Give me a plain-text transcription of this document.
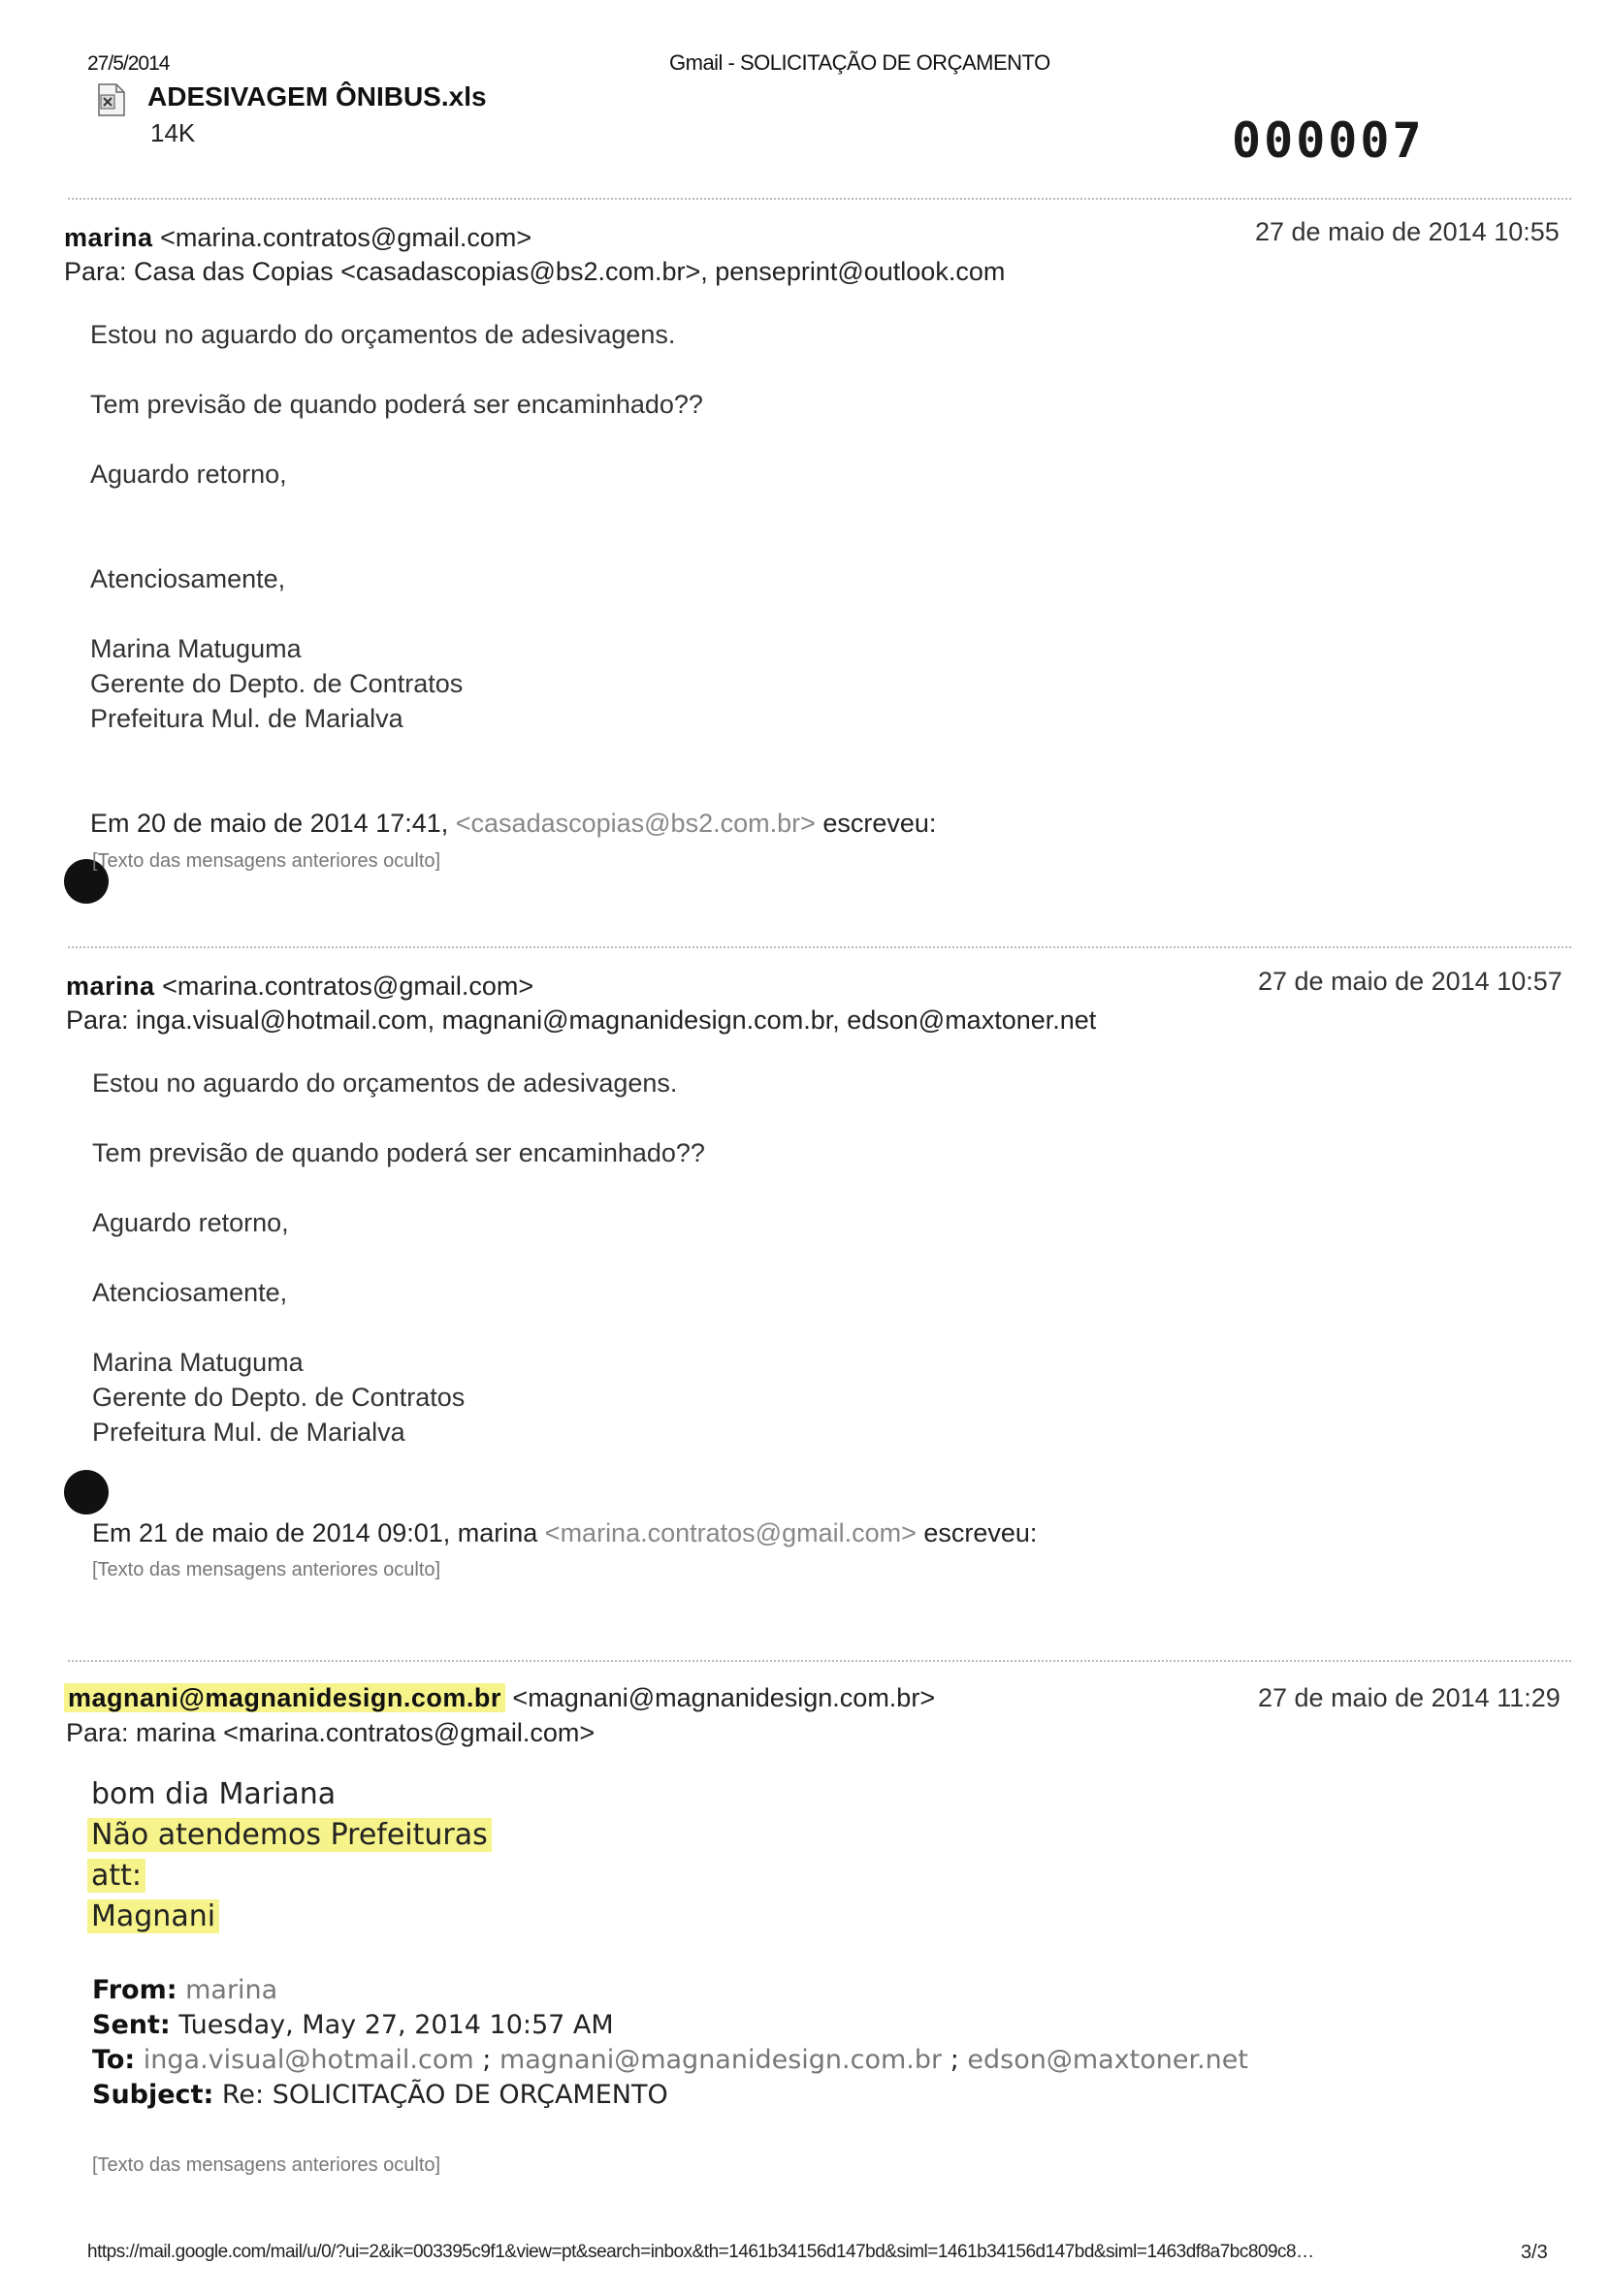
27/5/2014	Gmail - SOLICITAÇÃO DE ORÇAMENTO
ADESIVAGEM ÔNIBUS.xls
14K	000007
marina <marina.contratos@gmail.com>	27 de maio de 2014 10:55
Para: Casa das Copias <casadascopias@bs2.com.br>, penseprint@outlook.com
Estou no aguardo do orçamentos de adesivagens.
Tem previsão de quando poderá ser encaminhado??
Aguardo retorno,
Atenciosamente,
Marina Matuguma
Gerente do Depto. de Contratos
Prefeitura Mul. de Marialva
Em 20 de maio de 2014 17:41, <casadascopias@bs2.com.br> escreveu:
[Texto das mensagens anteriores oculto]
marina <marina.contratos@gmail.com>	27 de maio de 2014 10:57
Para: inga.visual@hotmail.com, magnani@magnanidesign.com.br, edson@maxtoner.net
Estou no aguardo do orçamentos de adesivagens.
Tem previsão de quando poderá ser encaminhado??
Aguardo retorno,
Atenciosamente,
Marina Matuguma
Gerente do Depto. de Contratos
Prefeitura Mul. de Marialva
Em 21 de maio de 2014 09:01, marina <marina.contratos@gmail.com> escreveu:
[Texto das mensagens anteriores oculto]
magnani@magnanidesign.com.br <magnani@magnanidesign.com.br>	27 de maio de 2014 11:29
Para: marina <marina.contratos@gmail.com>
bom dia Mariana
Não atendemos Prefeituras
att:
Magnani
From: marina
Sent: Tuesday, May 27, 2014 10:57 AM
To: inga.visual@hotmail.com ; magnani@magnanidesign.com.br ; edson@maxtoner.net
Subject: Re: SOLICITAÇÃO DE ORÇAMENTO
[Texto das mensagens anteriores oculto]
https://mail.google.com/mail/u/0/?ui=2&ik=003395c9f1&view=pt&search=inbox&th=1461b34156d147bd&siml=1461b34156d147bd&siml=1463df8a7bc809c8…	3/3
